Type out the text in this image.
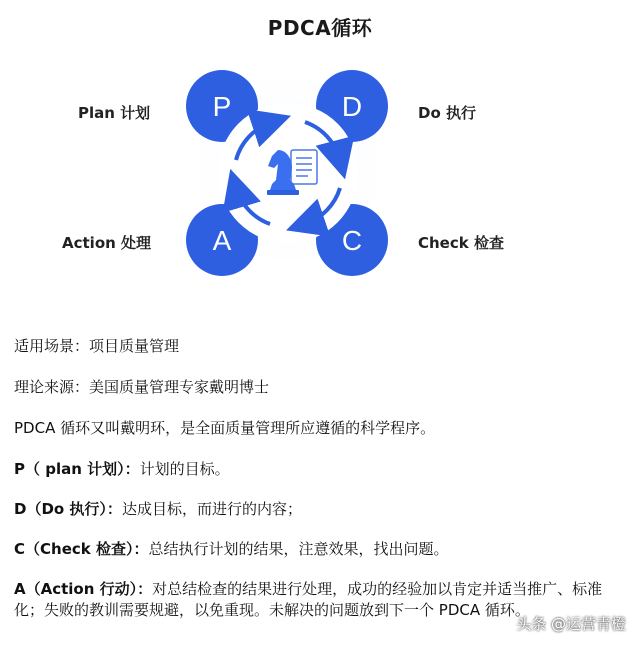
PDCA循环
P	D
A	C
Plan 计划	Do 执行
Action 处理	Check 检查
适用场景：项目质量管理
理论来源：美国质量管理专家戴明博士
PDCA 循环又叫戴明环，是全面质量管理所应遵循的科学程序。
P（ plan 计划）：计划的目标。
D（Do 执行）：达成目标，而进行的内容；
C（Check 检查）：总结执行计划的结果，注意效果，找出问题。
A（Action 行动）：对总结检查的结果进行处理，成功的经验加以肯定并适当推广、标准化；失败的教训需要规避，以免重现。未解决的问题放到下一个 PDCA 循环。
头条 @运营青橙
